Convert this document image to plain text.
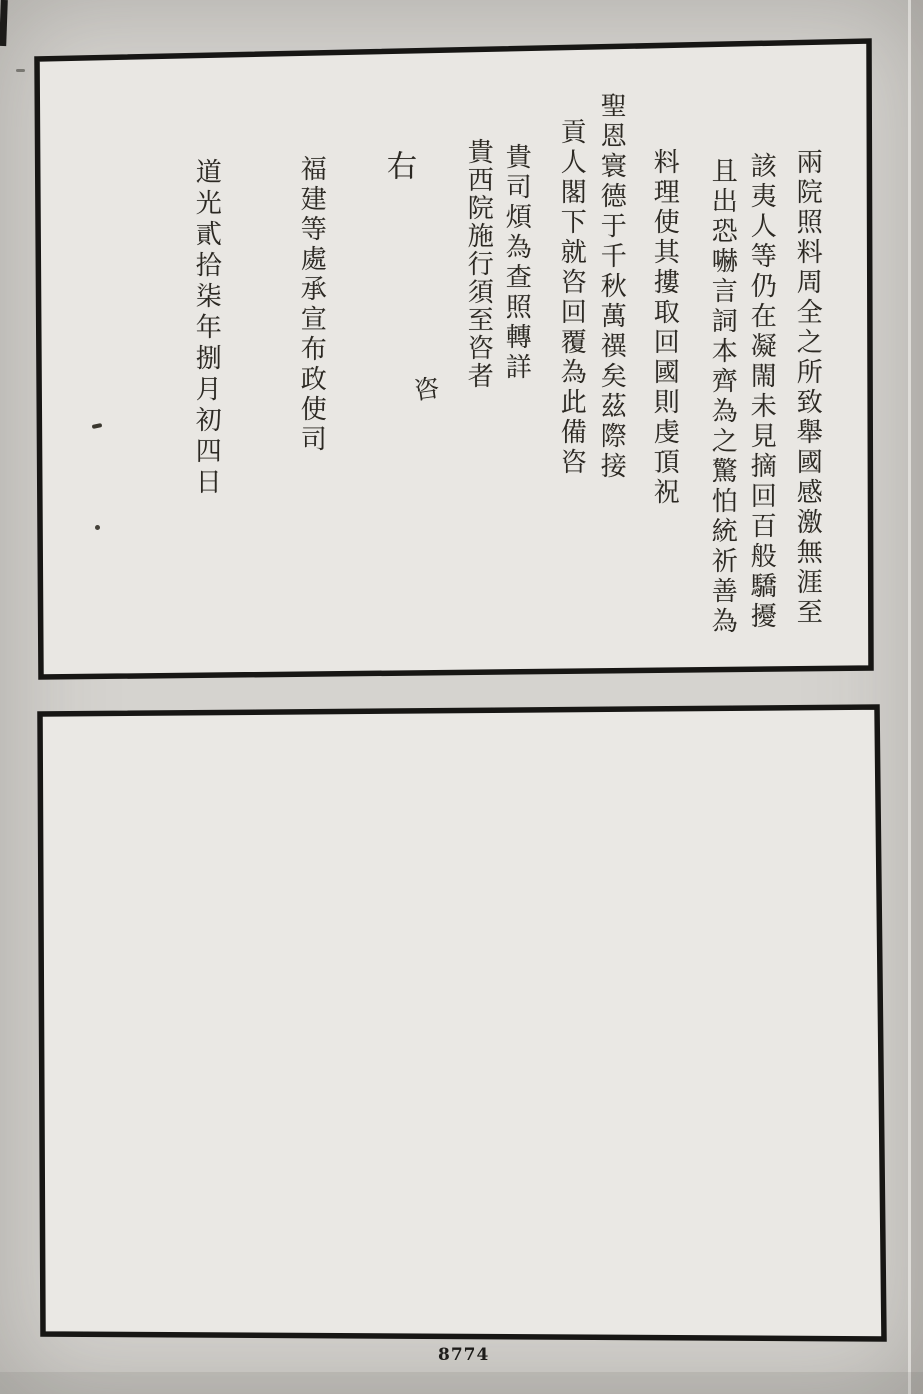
兩院照料周全之所致舉國感激無涯至
該夷人等仍在凝閙未見摘回百般驕擾
且出恐嚇言詞本齊為之驚怕統祈善為
料理使其摟取回國則虔頂祝
聖恩寰德于千秋萬禩矣茲際接
貢人閣下就咨回覆為此備咨
貴司煩為查照轉詳
貴西院施行須至咨者
右
咨
福建等處承宣布政使司
道光貳拾柒年捌月初四日
8774
